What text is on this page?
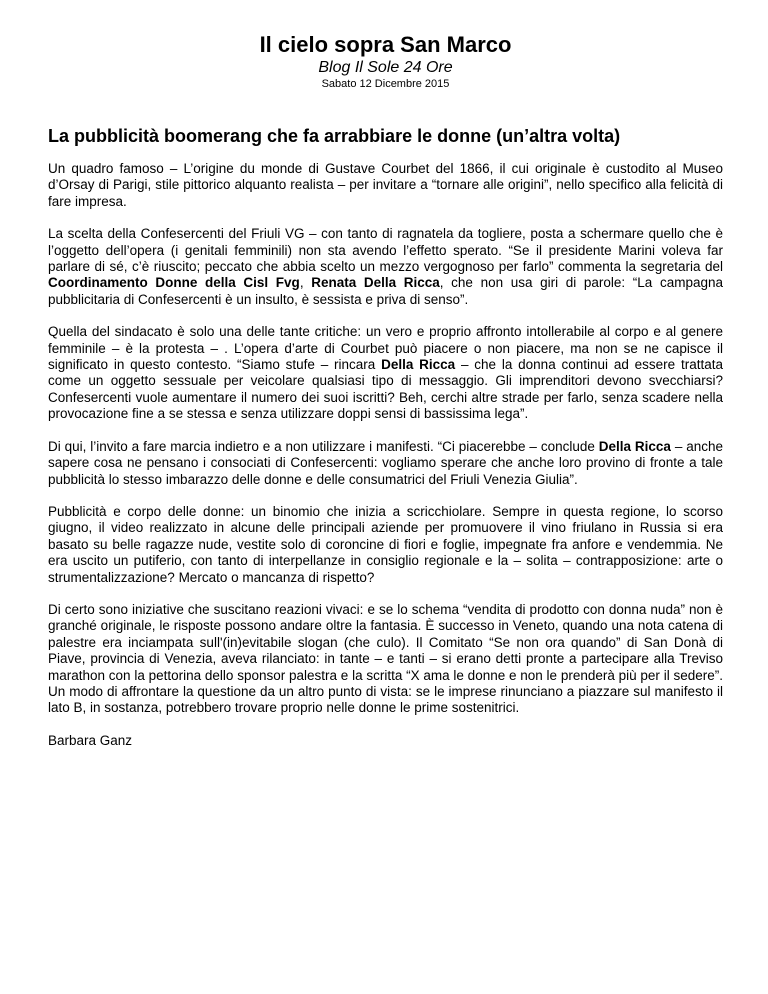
Il cielo sopra San Marco

Blog Il Sole 24 Ore

Sabato 12 Dicembre 2015

La pubblicità boomerang che fa arrabbiare le donne (un’altra volta)

Un quadro famoso – L’origine du monde di Gustave Courbet del 1866, il cui originale è custodito al Museo d’Orsay di Parigi, stile pittorico alquanto realista – per invitare a “tornare alle origini”, nello specifico alla felicità di fare impresa.

La scelta della Confesercenti del Friuli VG – con tanto di ragnatela da togliere, posta a schermare quello che è l’oggetto dell’opera (i genitali femminili) non sta avendo l’effetto sperato. “Se il presidente Marini voleva far parlare di sé, c’è riuscito; peccato che abbia scelto un mezzo vergognoso per farlo” commenta la segretaria del Coordinamento Donne della Cisl Fvg, Renata Della Ricca, che non usa giri di parole: “La campagna pubblicitaria di Confesercenti è un insulto, è sessista e priva di senso”.

Quella del sindacato è solo una delle tante critiche: un vero e proprio affronto intollerabile al corpo e al genere femminile – è la protesta – . L’opera d’arte di Courbet può piacere o non piacere, ma non se ne capisce il significato in questo contesto. “Siamo stufe – rincara Della Ricca – che la donna continui ad essere trattata come un oggetto sessuale per veicolare qualsiasi tipo di messaggio. Gli imprenditori devono svecchiarsi? Confesercenti vuole aumentare il numero dei suoi iscritti? Beh, cerchi altre strade per farlo, senza scadere nella provocazione fine a se stessa e senza utilizzare doppi sensi di bassissima lega”.

Di qui, l’invito a fare marcia indietro e a non utilizzare i manifesti. “Ci piacerebbe – conclude Della Ricca – anche sapere cosa ne pensano i consociati di Confesercenti: vogliamo sperare che anche loro provino di fronte a tale pubblicità lo stesso imbarazzo delle donne e delle consumatrici del Friuli Venezia Giulia”.

Pubblicità e corpo delle donne: un binomio che inizia a scricchiolare. Sempre in questa regione, lo scorso giugno, il video realizzato in alcune delle principali aziende per promuovere il vino friulano in Russia si era basato su belle ragazze nude, vestite solo di coroncine di fiori e foglie, impegnate fra anfore e vendemmia. Ne era uscito un putiferio, con tanto di interpellanze in consiglio regionale e la – solita – contrapposizione: arte o strumentalizzazione? Mercato o mancanza di rispetto?

Di certo sono iniziative che suscitano reazioni vivaci: e se lo schema “vendita di prodotto con donna nuda” non è granché originale, le risposte possono andare oltre la fantasia. È successo in Veneto, quando una nota catena di palestre era inciampata sull'(in)evitabile slogan (che culo). Il Comitato “Se non ora quando” di San Donà di Piave, provincia di Venezia, aveva rilanciato: in tante – e tanti – si erano detti pronte a partecipare alla Treviso marathon con la pettorina dello sponsor palestra e la scritta “X ama le donne e non le prenderà più per il sedere”. Un modo di affrontare la questione da un altro punto di vista: se le imprese rinunciano a piazzare sul manifesto il lato B, in sostanza, potrebbero trovare proprio nelle donne le prime sostenitrici.

Barbara Ganz
